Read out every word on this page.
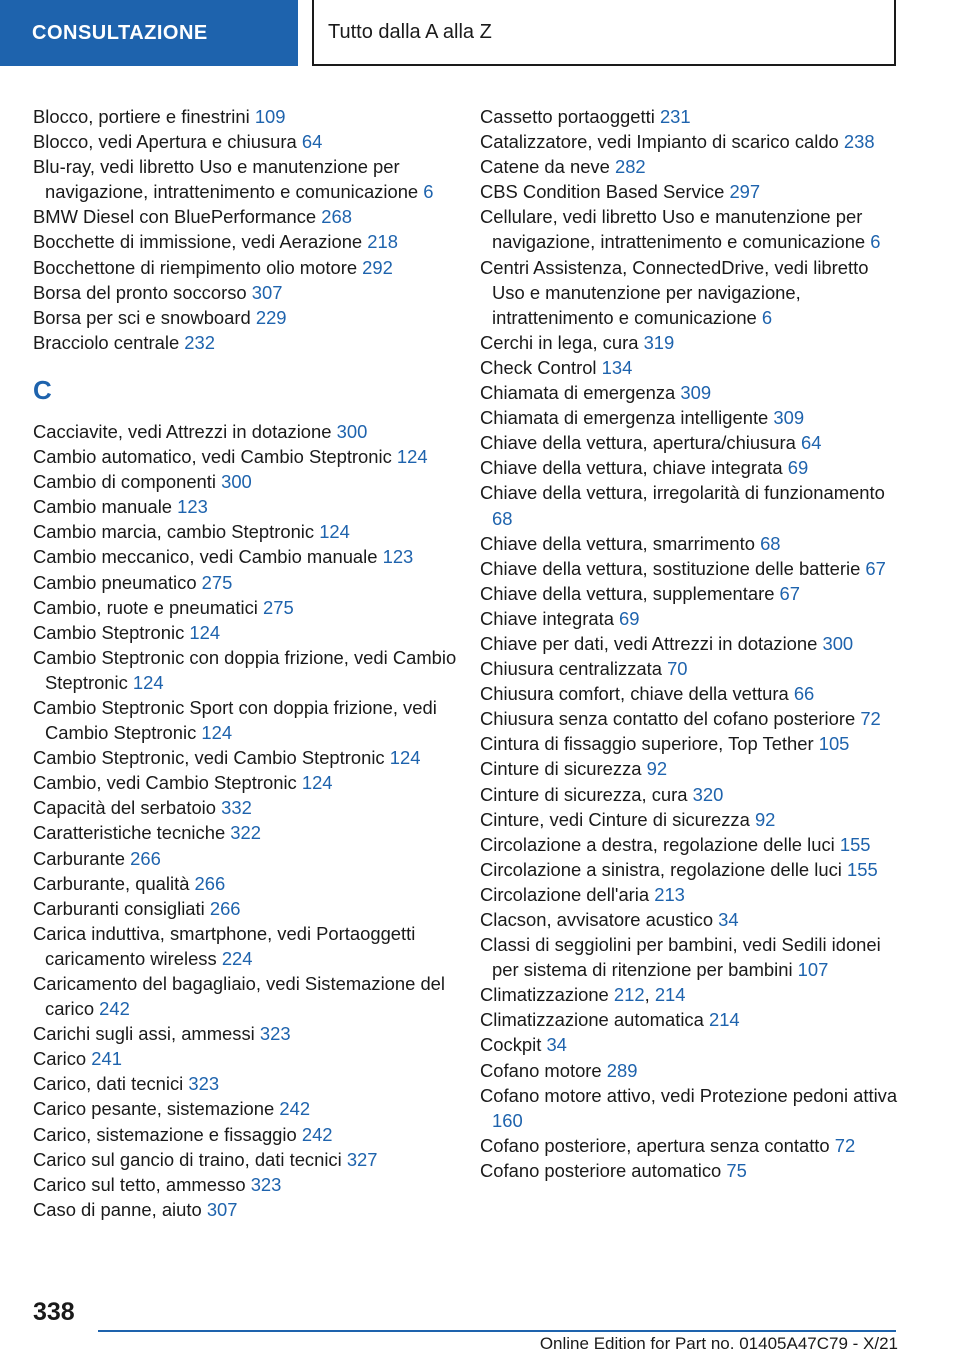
CONSULTAZIONE	Tutto dalla A alla Z

Blocco, portiere e finestrini 109

Blocco, vedi Apertura e chiusura 64

Blu-ray, vedi libretto Uso e manutenzione per navigazione, intrattenimento e comunicazione 6

BMW Diesel con BluePerformance 268

Bocchette di immissione, vedi Aerazione 218

Bocchettone di riempimento olio motore 292

Borsa del pronto soccorso 307

Borsa per sci e snowboard 229

Bracciolo centrale 232

C

Cacciavite, vedi Attrezzi in dotazione 300

Cambio automatico, vedi Cambio Steptronic 124

Cambio di componenti 300

Cambio manuale 123

Cambio marcia, cambio Steptronic 124

Cambio meccanico, vedi Cambio manuale 123

Cambio pneumatico 275

Cambio, ruote e pneumatici 275

Cambio Steptronic 124

Cambio Steptronic con doppia frizione, vedi Cambio Steptronic 124

Cambio Steptronic Sport con doppia frizione, vedi Cambio Steptronic 124

Cambio Steptronic, vedi Cambio Steptronic 124

Cambio, vedi Cambio Steptronic 124

Capacità del serbatoio 332

Caratteristiche tecniche 322

Carburante 266

Carburante, qualità 266

Carburanti consigliati 266

Carica induttiva, smartphone, vedi Portaoggetti caricamento wireless 224

Caricamento del bagagliaio, vedi Sistemazione del carico 242

Carichi sugli assi, ammessi 323

Carico 241

Carico, dati tecnici 323

Carico pesante, sistemazione 242

Carico, sistemazione e fissaggio 242

Carico sul gancio di traino, dati tecnici 327

Carico sul tetto, ammesso 323

Caso di panne, aiuto 307

Cassetto portaoggetti 231

Catalizzatore, vedi Impianto di scarico caldo 238

Catene da neve 282

CBS Condition Based Service 297

Cellulare, vedi libretto Uso e manutenzione per navigazione, intrattenimento e comunicazione 6

Centri Assistenza, ConnectedDrive, vedi libretto Uso e manutenzione per navigazione, intrattenimento e comunicazione 6

Cerchi in lega, cura 319

Check Control 134

Chiamata di emergenza 309

Chiamata di emergenza intelligente 309

Chiave della vettura, apertura/chiusura 64

Chiave della vettura, chiave integrata 69

Chiave della vettura, irregolarità di funzionamento 68

Chiave della vettura, smarrimento 68

Chiave della vettura, sostituzione delle batterie 67

Chiave della vettura, supplementare 67

Chiave integrata 69

Chiave per dati, vedi Attrezzi in dotazione 300

Chiusura centralizzata 70

Chiusura comfort, chiave della vettura 66

Chiusura senza contatto del cofano posteriore 72

Cintura di fissaggio superiore, Top Tether 105

Cinture di sicurezza 92

Cinture di sicurezza, cura 320

Cinture, vedi Cinture di sicurezza 92

Circolazione a destra, regolazione delle luci 155

Circolazione a sinistra, regolazione delle luci 155

Circolazione dell'aria 213

Clacson, avvisatore acustico 34

Classi di seggiolini per bambini, vedi Sedili idonei per sistema di ritenzione per bambini 107

Climatizzazione 212, 214

Climatizzazione automatica 214

Cockpit 34

Cofano motore 289

Cofano motore attivo, vedi Protezione pedoni attiva 160

Cofano posteriore, apertura senza contatto 72

Cofano posteriore automatico 75

338
Online Edition for Part no. 01405A47C79 - X/21
